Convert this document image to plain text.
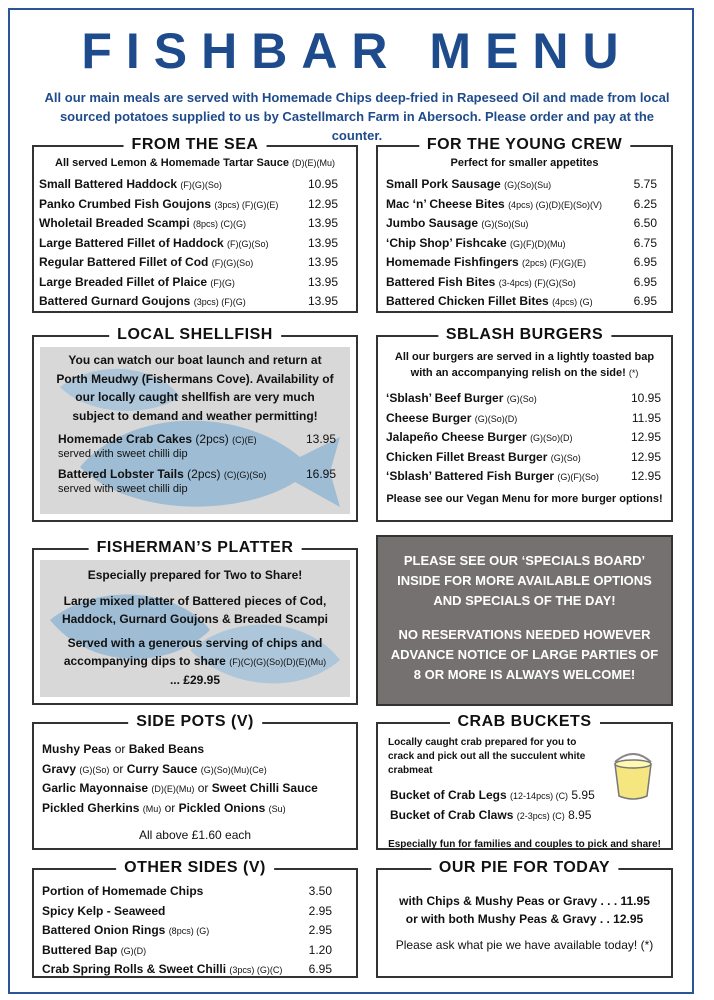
FISHBAR MENU
All our main meals are served with Homemade Chips deep-fried in Rapeseed Oil and made from local sourced potatoes supplied to us by Castellmarch Farm in Abersoch. Please order and pay at the counter.
FROM THE SEA
All served Lemon & Homemade Tartar Sauce (D)(E)(Mu)
Small Battered Haddock (F)(G)(So)	10.95
Panko Crumbed Fish Goujons (3pcs) (F)(G)(E) 12.95
Wholetail Breaded Scampi (8pcs) (C)(G)	13.95
Large Battered Fillet of Haddock (F)(G)(So)	13.95
Regular Battered Fillet of Cod (F)(G)(So)	13.95
Large Breaded Fillet of Plaice (F)(G)	13.95
Battered Gurnard Goujons (3pcs) (F)(G)	13.95
FOR THE YOUNG CREW
Perfect for smaller appetites
Small Pork Sausage (G)(So)(Su)	5.75
Mac ‘n’ Cheese Bites (4pcs) (G)(D)(E)(So)(V)	6.25
Jumbo Sausage (G)(So)(Su)	6.50
‘Chip Shop’ Fishcake (G)(F)(D)(Mu)	6.75
Homemade Fishfingers (2pcs) (F)(G)(E)	6.95
Battered Fish Bites (3-4pcs) (F)(G)(So)	6.95
Battered Chicken Fillet Bites (4pcs) (G)	6.95
LOCAL SHELLFISH
You can watch our boat launch and return at Porth Meudwy (Fishermans Cove). Availability of our locally caught shellfish are very much subject to demand and weather permitting!
Homemade Crab Cakes (2pcs) (C)(E)	13.95
served with sweet chilli dip
Battered Lobster Tails (2pcs) (C)(G)(So)	16.95
served with sweet chilli dip
SBLASH BURGERS
All our burgers are served in a lightly toasted bap with an accompanying relish on the side! (*)
‘Sblash’ Beef Burger (G)(So)	10.95
Cheese Burger (G)(So)(D)	11.95
Jalapeño Cheese Burger (G)(So)(D)	12.95
Chicken Fillet Breast Burger (G)(So)	12.95
‘Sblash’ Battered Fish Burger (G)(F)(So)	12.95
Please see our Vegan Menu for more burger options!
FISHERMAN’S PLATTER
Especially prepared for Two to Share!
Large mixed platter of Battered pieces of Cod, Haddock, Gurnard Goujons & Breaded Scampi
Served with a generous serving of chips and accompanying dips to share (F)(C)(G)(So)(D)(E)(Mu)
... £29.95
PLEASE SEE OUR ‘SPECIALS BOARD’ INSIDE FOR MORE AVAILABLE OPTIONS AND SPECIALS OF THE DAY!
NO RESERVATIONS NEEDED HOWEVER ADVANCE NOTICE OF LARGE PARTIES OF 8 OR MORE IS ALWAYS WELCOME!
SIDE POTS (V)
Mushy Peas or Baked Beans
Gravy (G)(So) or Curry Sauce (G)(So)(Mu)(Ce)
Garlic Mayonnaise (D)(E)(Mu) or Sweet Chilli Sauce
Pickled Gherkins (Mu) or Pickled Onions (Su)
All above £1.60 each
CRAB BUCKETS
Locally caught crab prepared for you to crack and pick out all the succulent white crabmeat
Bucket of Crab Legs (12-14pcs) (C) 5.95
Bucket of Crab Claws (2-3pcs) (C) 8.95
Especially fun for families and couples to pick and share!
OTHER SIDES (V)
Portion of Homemade Chips	3.50
Spicy Kelp - Seaweed	2.95
Battered Onion Rings (8pcs) (G)	2.95
Buttered Bap (G)(D)	1.20
Crab Spring Rolls & Sweet Chilli (3pcs) (G)(C) 6.95
OUR PIE FOR TODAY
with Chips & Mushy Peas or Gravy . . . 11.95
or with both Mushy Peas & Gravy . . 12.95
Please ask what pie we have available today! (*)
